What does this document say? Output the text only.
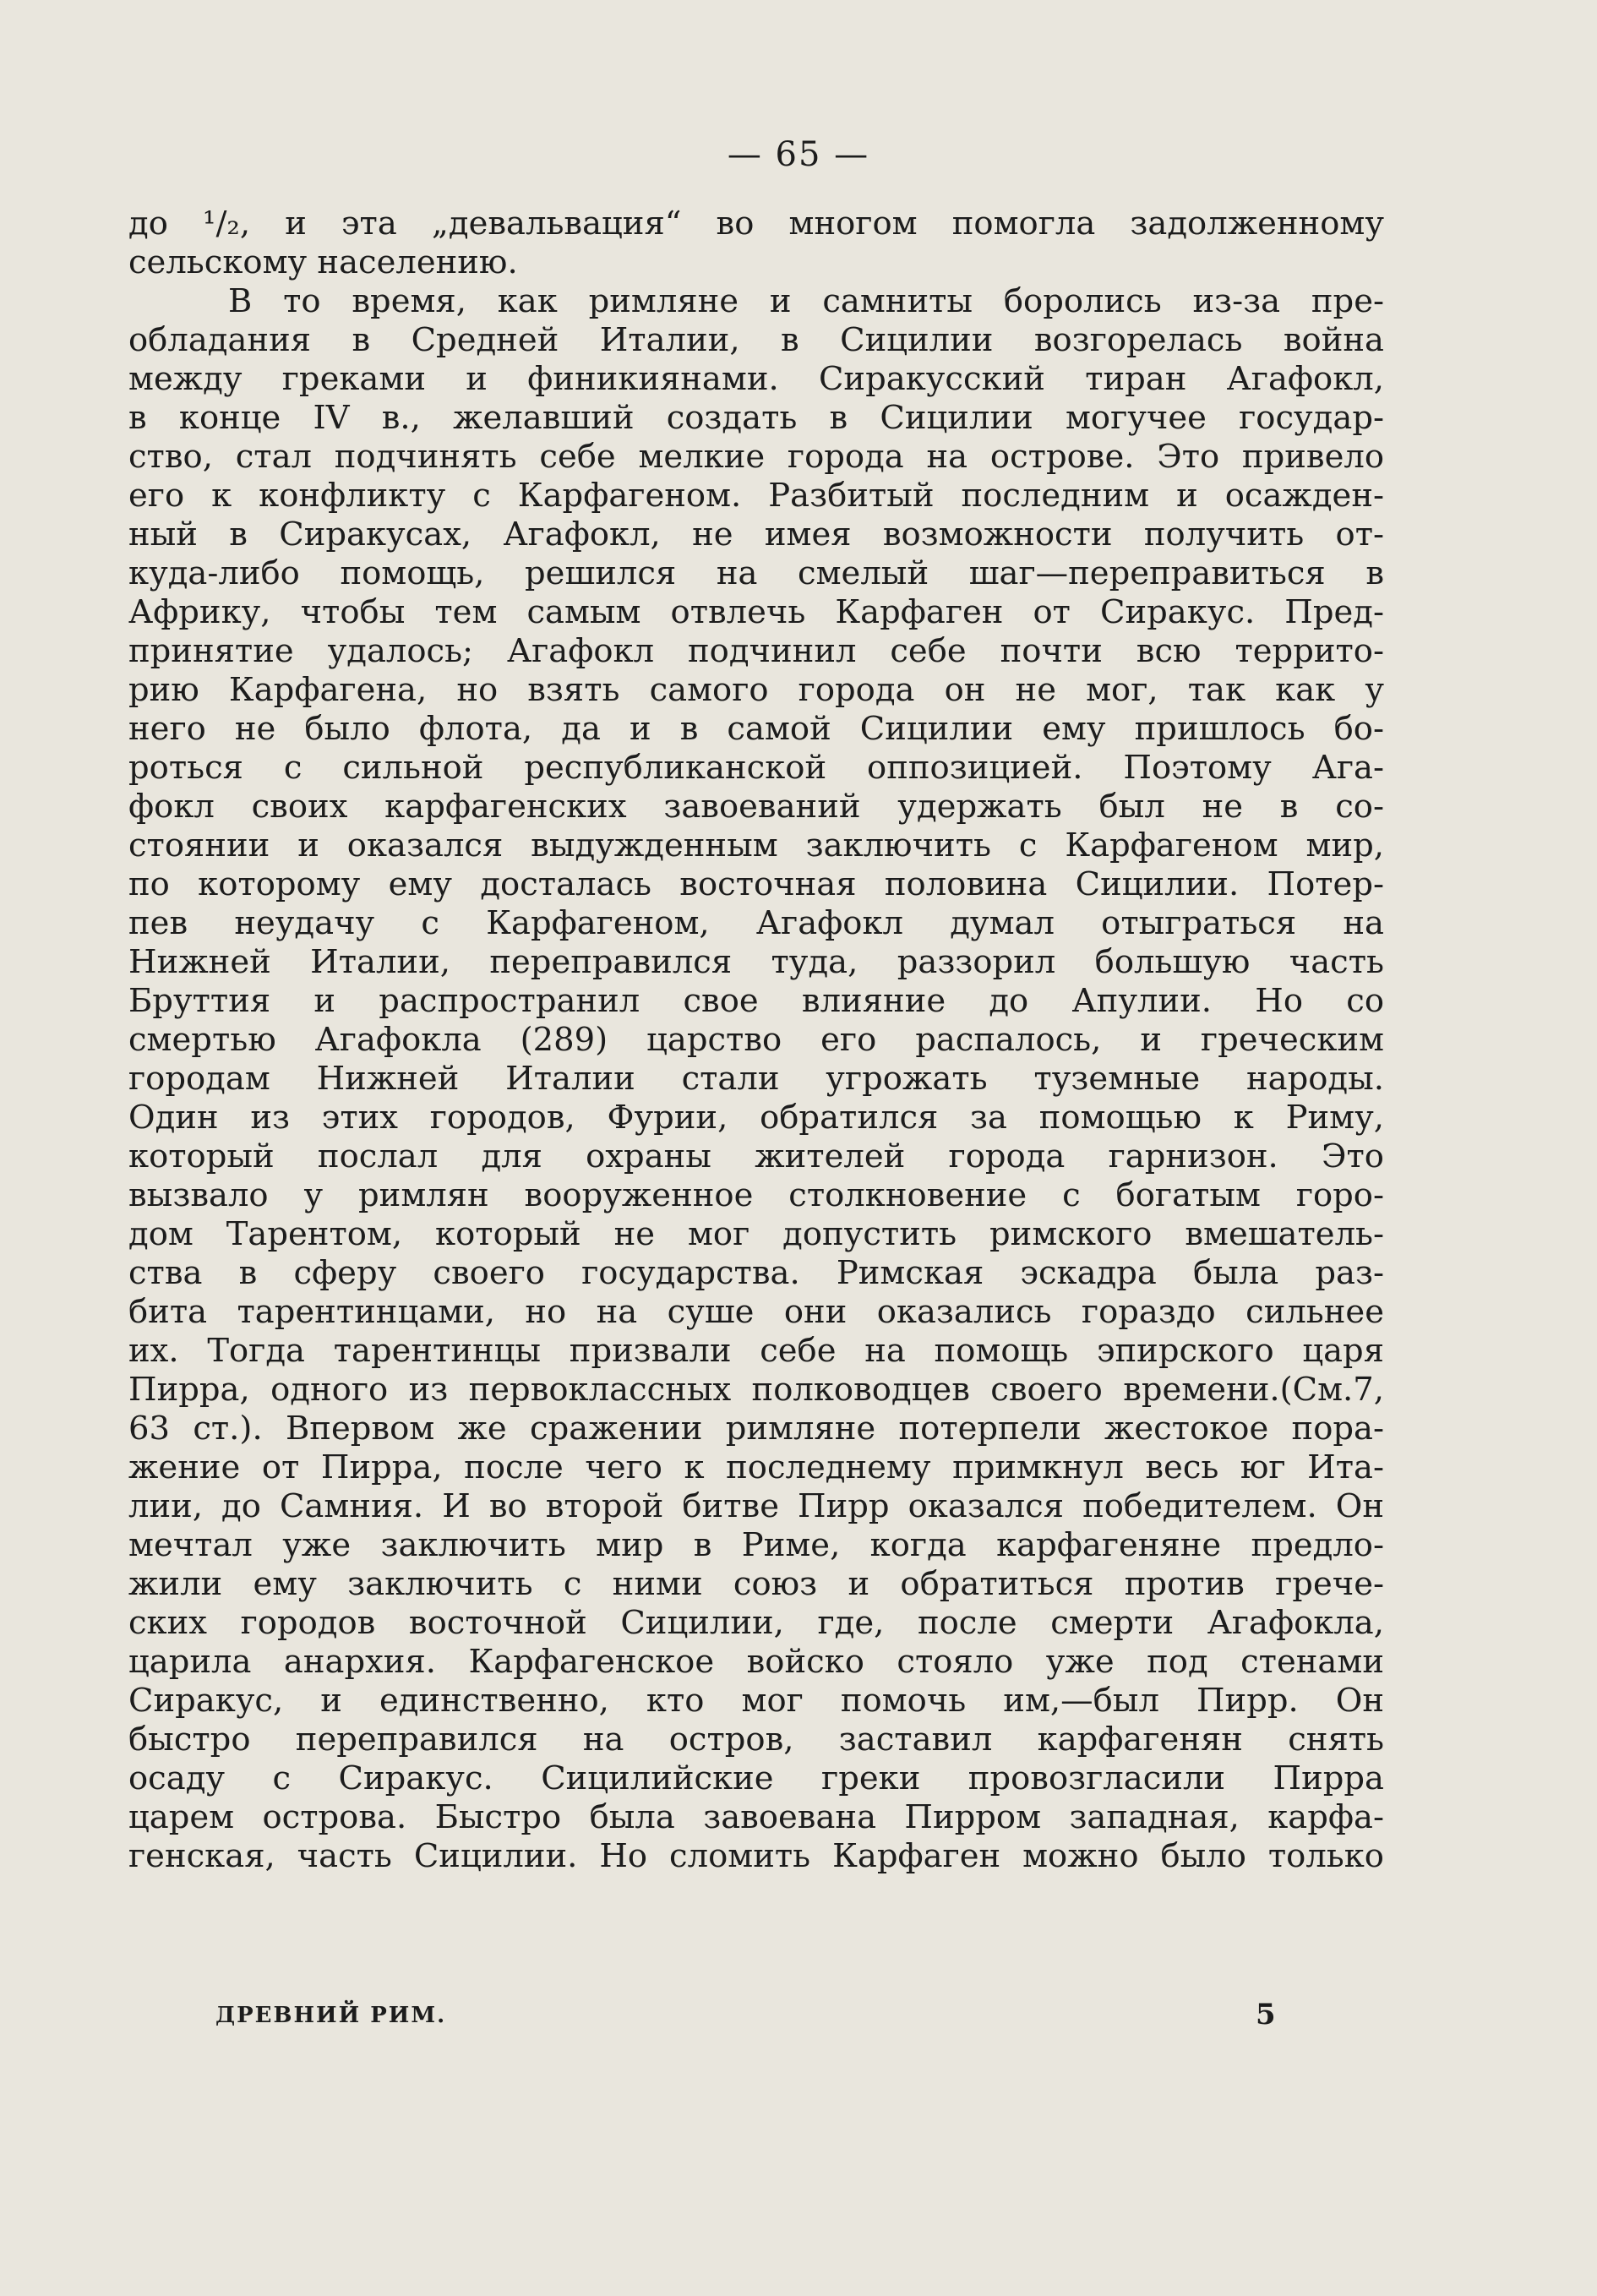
— 65 —
до ¹/₂, и эта „девальвация“ во многом помогла задолженному
сельскому населению.
В то время, как римляне и самниты боролись из-за пре-
обладания в Средней Италии, в Сицилии возгорелась война
между греками и финикиянами. Сиракусский тиран Агафокл,
в конце IV в., желавший создать в Сицилии могучее государ-
ство, стал подчинять себе мелкие города на острове. Это привело
его к конфликту с Карфагеном. Разбитый последним и осажден-
ный в Сиракусах, Агафокл, не имея возможности получить от-
куда-либо помощь, решился на смелый шаг—переправиться в
Африку, чтобы тем самым отвлечь Карфаген от Сиракус. Пред-
принятие удалось; Агафокл подчинил себе почти всю террито-
рию Карфагена, но взять самого города он не мог, так как у
него не было флота, да и в самой Сицилии ему пришлось бо-
роться с сильной республиканской оппозицией. Поэтому Ага-
фокл своих карфагенских завоеваний удержать был не в со-
стоянии и оказался выдужденным заключить с Карфагеном мир,
по которому ему досталась восточная половина Сицилии. Потер-
пев неудачу с Карфагеном, Агафокл думал отыграться на
Нижней Италии, переправился туда, раззорил большую часть
Бруттия и распространил свое влияние до Апулии. Но со
смертью Агафокла (289) царство его распалось, и греческим
городам Нижней Италии стали угрожать туземные народы.
Один из этих городов, Фурии, обратился за помощью к Риму,
который послал для охраны жителей города гарнизон. Это
вызвало у римлян вооруженное столкновение с богатым горо-
дом Тарентом, который не мог допустить римского вмешатель-
ства в сферу своего государства. Римская эскадра была раз-
бита тарентинцами, но на суше они оказались гораздо сильнее
их. Тогда тарентинцы призвали себе на помощь эпирского царя
Пирра, одного из первоклассных полководцев своего времени.(См.7,
63 ст.). Впервом же сражении римляне потерпели жестокое пора-
жение от Пирра, после чего к последнему примкнул весь юг Ита-
лии, до Самния. И во второй битве Пирр оказался победителем. Он
мечтал уже заключить мир в Риме, когда карфагеняне предло-
жили ему заключить с ними союз и обратиться против грече-
ских городов восточной Сицилии, где, после смерти Агафокла,
царила анархия. Карфагенское войско стояло уже под стенами
Сиракус, и единственно, кто мог помочь им,—был Пирр. Он
быстро переправился на остров, заставил карфагенян снять
осаду с Сиракус. Сицилийские греки провозгласили Пирра
царем острова. Быстро была завоевана Пирром западная, карфа-
генская, часть Сицилии. Но сломить Карфаген можно было только
ДРЕВНИЙ РИМ.	5
